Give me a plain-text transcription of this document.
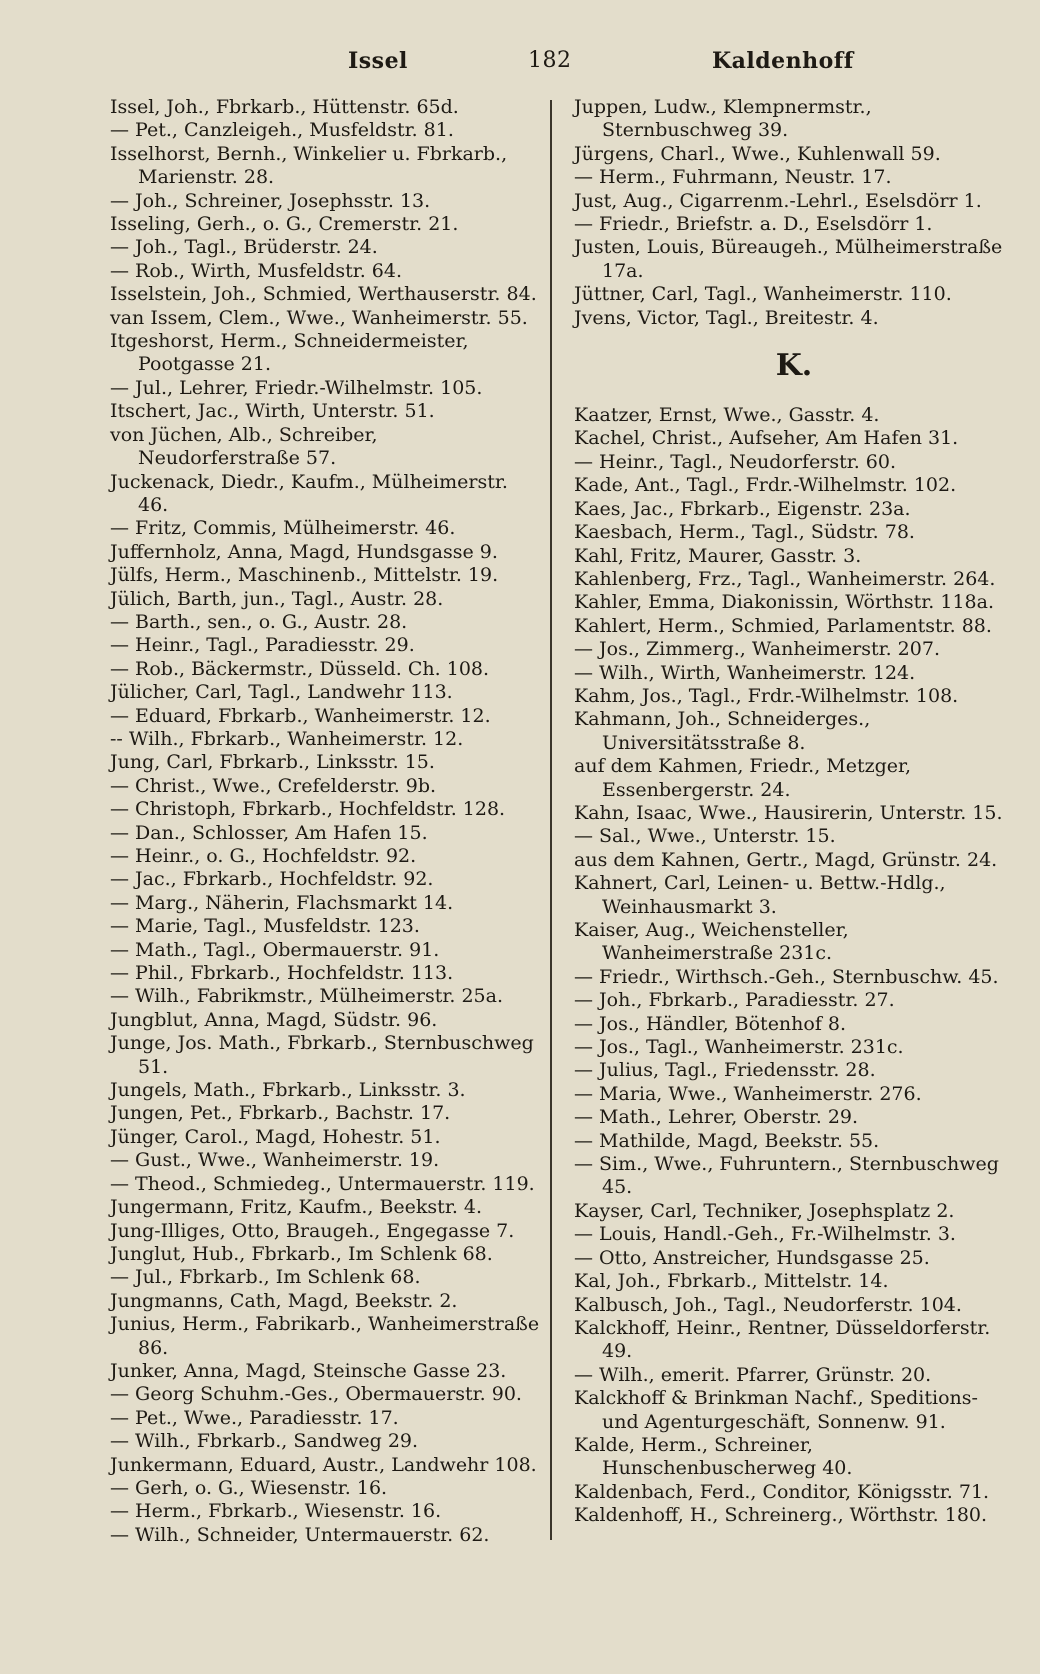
Issel	182	Kaldenhoff
Issel, Joh., Fbrkarb., Hüttenstr. 65d.
— Pet., Canzleigeh., Musfeldstr. 81.
Isselhorst, Bernh., Winkelier u. Fbrkarb., Marienstr. 28.
— Joh., Schreiner, Josephsstr. 13.
Isseling, Gerh., o. G., Cremerstr. 21.
— Joh., Tagl., Brüderstr. 24.
— Rob., Wirth, Musfeldstr. 64.
Isselstein, Joh., Schmied, Werthauserstr. 84.
van Issem, Clem., Wwe., Wanheimerstr. 55.
Itgeshorst, Herm., Schneidermeister, Pootgasse 21.
— Jul., Lehrer, Friedr.-Wilhelmstr. 105.
Itschert, Jac., Wirth, Unterstr. 51.
von Jüchen, Alb., Schreiber, Neudorferstraße 57.
Juckenack, Diedr., Kaufm., Mülheimerstr. 46.
— Fritz, Commis, Mülheimerstr. 46.
Juffernholz, Anna, Magd, Hundsgasse 9.
Jülfs, Herm., Maschinenb., Mittelstr. 19.
Jülich, Barth, jun., Tagl., Austr. 28.
— Barth., sen., o. G., Austr. 28.
— Heinr., Tagl., Paradiesstr. 29.
— Rob., Bäckermstr., Düsseld. Ch. 108.
Jülicher, Carl, Tagl., Landwehr 113.
— Eduard, Fbrkarb., Wanheimerstr. 12.
-- Wilh., Fbrkarb., Wanheimerstr. 12.
Jung, Carl, Fbrkarb., Linksstr. 15.
— Christ., Wwe., Crefelderstr. 9b.
— Christoph, Fbrkarb., Hochfeldstr. 128.
— Dan., Schlosser, Am Hafen 15.
— Heinr., o. G., Hochfeldstr. 92.
— Jac., Fbrkarb., Hochfeldstr. 92.
— Marg., Näherin, Flachsmarkt 14.
— Marie, Tagl., Musfeldstr. 123.
— Math., Tagl., Obermauerstr. 91.
— Phil., Fbrkarb., Hochfeldstr. 113.
— Wilh., Fabrikmstr., Mülheimerstr. 25a.
Jungblut, Anna, Magd, Südstr. 96.
Junge, Jos. Math., Fbrkarb., Sternbuschweg 51.
Jungels, Math., Fbrkarb., Linksstr. 3.
Jungen, Pet., Fbrkarb., Bachstr. 17.
Jünger, Carol., Magd, Hohestr. 51.
— Gust., Wwe., Wanheimerstr. 19.
— Theod., Schmiedeg., Untermauerstr. 119.
Jungermann, Fritz, Kaufm., Beekstr. 4.
Jung-Illiges, Otto, Braugeh., Engegasse 7.
Junglut, Hub., Fbrkarb., Im Schlenk 68.
— Jul., Fbrkarb., Im Schlenk 68.
Jungmanns, Cath, Magd, Beekstr. 2.
Junius, Herm., Fabrikarb., Wanheimerstraße 86.
Junker, Anna, Magd, Steinsche Gasse 23.
— Georg Schuhm.-Ges., Obermauerstr. 90.
— Pet., Wwe., Paradiesstr. 17.
— Wilh., Fbrkarb., Sandweg 29.
Junkermann, Eduard, Austr., Landwehr 108.
— Gerh, o. G., Wiesenstr. 16.
— Herm., Fbrkarb., Wiesenstr. 16.
— Wilh., Schneider, Untermauerstr. 62.
Juppen, Ludw., Klempnermstr., Sternbuschweg 39.
Jürgens, Charl., Wwe., Kuhlenwall 59.
— Herm., Fuhrmann, Neustr. 17.
Just, Aug., Cigarrenm.-Lehrl., Eselsdörr 1.
— Friedr., Briefstr. a. D., Eselsdörr 1.
Justen, Louis, Büreaugeh., Mülheimerstraße 17a.
Jüttner, Carl, Tagl., Wanheimerstr. 110.
Jvens, Victor, Tagl., Breitestr. 4.
K.
Kaatzer, Ernst, Wwe., Gasstr. 4.
Kachel, Christ., Aufseher, Am Hafen 31.
— Heinr., Tagl., Neudorferstr. 60.
Kade, Ant., Tagl., Frdr.-Wilhelmstr. 102.
Kaes, Jac., Fbrkarb., Eigenstr. 23a.
Kaesbach, Herm., Tagl., Südstr. 78.
Kahl, Fritz, Maurer, Gasstr. 3.
Kahlenberg, Frz., Tagl., Wanheimerstr. 264.
Kahler, Emma, Diakonissin, Wörthstr. 118a.
Kahlert, Herm., Schmied, Parlamentstr. 88.
— Jos., Zimmerg., Wanheimerstr. 207.
— Wilh., Wirth, Wanheimerstr. 124.
Kahm, Jos., Tagl., Frdr.-Wilhelmstr. 108.
Kahmann, Joh., Schneiderges., Universitätsstraße 8.
auf dem Kahmen, Friedr., Metzger, Essenbergerstr. 24.
Kahn, Isaac, Wwe., Hausirerin, Unterstr. 15.
— Sal., Wwe., Unterstr. 15.
aus dem Kahnen, Gertr., Magd, Grünstr. 24.
Kahnert, Carl, Leinen- u. Bettw.-Hdlg., Weinhausmarkt 3.
Kaiser, Aug., Weichensteller, Wanheimerstraße 231c.
— Friedr., Wirthsch.-Geh., Sternbuschw. 45.
— Joh., Fbrkarb., Paradiesstr. 27.
— Jos., Händler, Bötenhof 8.
— Jos., Tagl., Wanheimerstr. 231c.
— Julius, Tagl., Friedensstr. 28.
— Maria, Wwe., Wanheimerstr. 276.
— Math., Lehrer, Oberstr. 29.
— Mathilde, Magd, Beekstr. 55.
— Sim., Wwe., Fuhruntern., Sternbuschweg 45.
Kayser, Carl, Techniker, Josephsplatz 2.
— Louis, Handl.-Geh., Fr.-Wilhelmstr. 3.
— Otto, Anstreicher, Hundsgasse 25.
Kal, Joh., Fbrkarb., Mittelstr. 14.
Kalbusch, Joh., Tagl., Neudorferstr. 104.
Kalckhoff, Heinr., Rentner, Düsseldorferstr. 49.
— Wilh., emerit. Pfarrer, Grünstr. 20.
Kalckhoff & Brinkman Nachf., Speditions- und Agenturgeschäft, Sonnenw. 91.
Kalde, Herm., Schreiner, Hunschenbuscherweg 40.
Kaldenbach, Ferd., Conditor, Königsstr. 71.
Kaldenhoff, H., Schreinerg., Wörthstr. 180.
